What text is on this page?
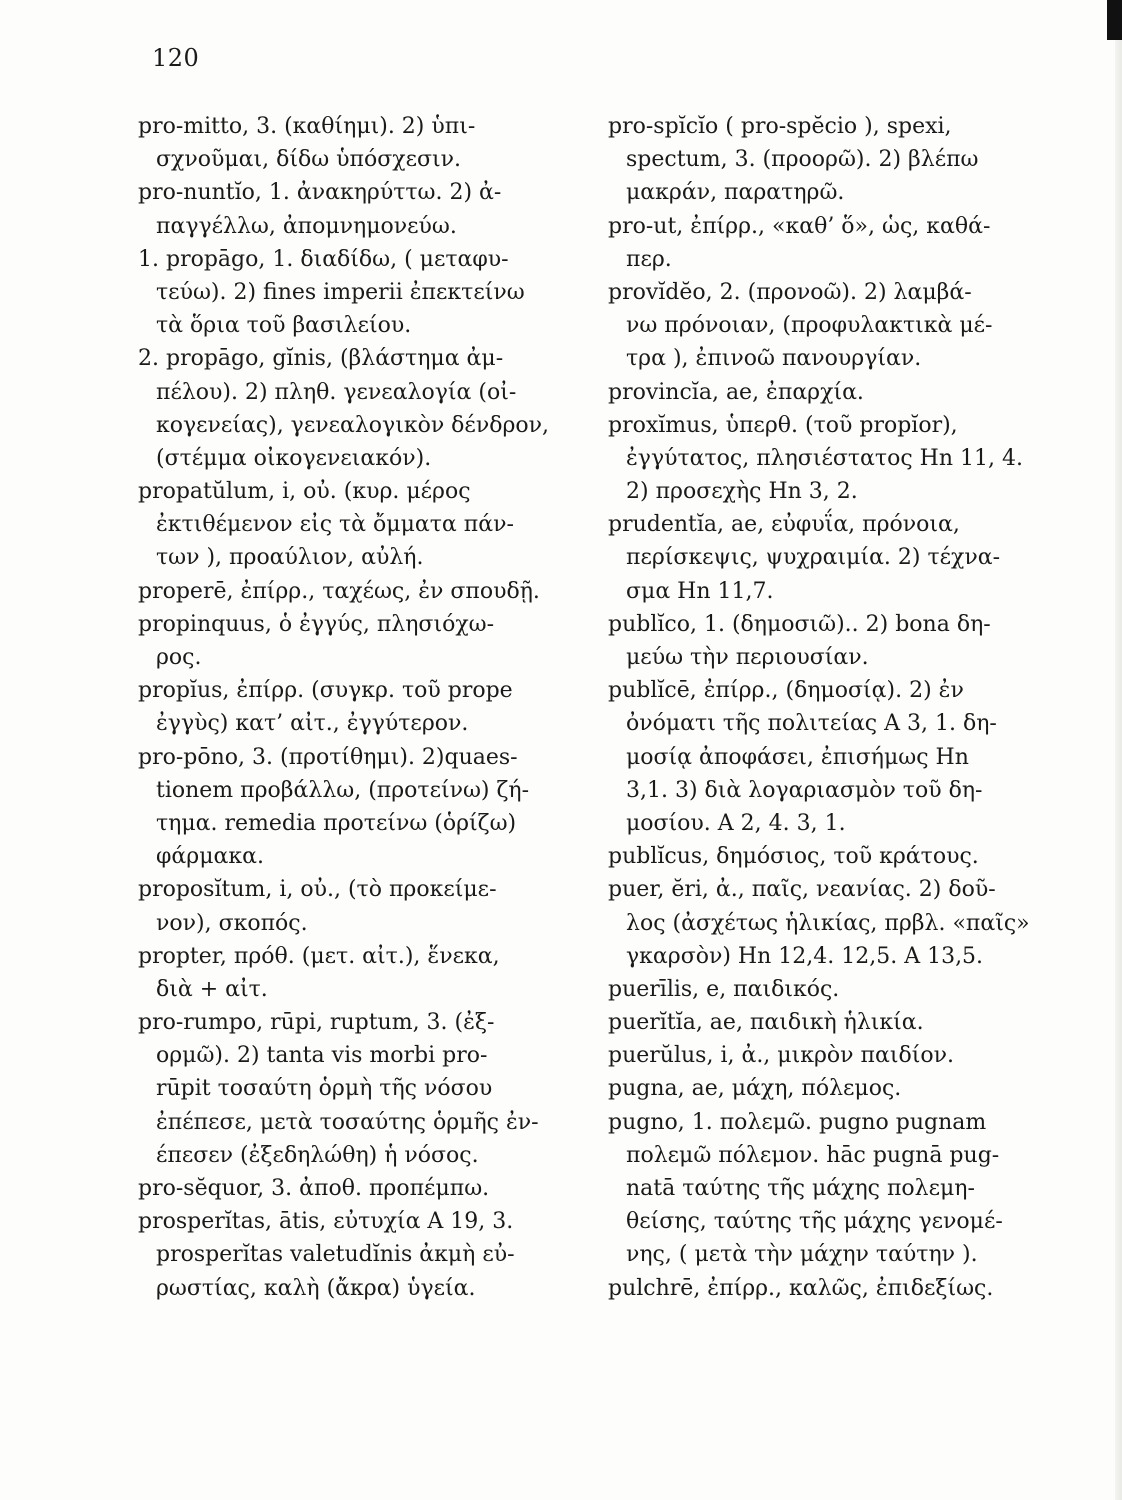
120
pro-mitto, 3. (καθίημι). 2) ὑπι-
σχνοῦμαι, δίδω ὑπόσχεσιν.
pro-nuntĭo, 1. ἀνακηρύττω. 2) ἀ-
παγγέλλω, ἀπομνημονεύω.
1. propāgo, 1. διαδίδω, ( μεταφυ-
τεύω). 2) fines imperii ἐπεκτείνω
τὰ ὅρια τοῦ βασιλείου.
2. propāgo, gĭnis, (βλάστημα ἀμ-
πέλου). 2) πληθ. γενεαλογία (οἰ-
κογενείας), γενεαλογικὸν δένδρον,
(στέμμα οἰκογενειακόν).
propatŭlum, i, οὐ. (κυρ. μέρος
ἐκτιθέμενον εἰς τὰ ὄμματα πάν-
των ), προαύλιον, αὐλή.
properē, ἐπίρρ., ταχέως, ἐν σπουδῇ.
propinquus, ὁ ἐγγύς, πλησιόχω-
ρος.
propĭus, ἐπίρρ. (συγκρ. τοῦ prope
ἐγγὺς) κατ’ αἰτ., ἐγγύτερον.
pro-pōno, 3. (προτίθημι). 2)quaes-
tionem προβάλλω, (προτείνω) ζή-
τημα. remedia προτείνω (ὁρίζω)
φάρμακα.
proposĭtum, i, οὐ., (τὸ προκείμε-
νον), σκοπός.
propter, πρόθ. (μετ. αἰτ.), ἕνεκα,
διὰ + αἰτ.
pro-rumpo, rūpi, ruptum, 3. (ἐξ-
ορμῶ). 2) tanta vis morbi pro-
rūpit τοσαύτη ὁρμὴ τῆς νόσου
ἐπέπεσε, μετὰ τοσαύτης ὁρμῆς ἐν-
έπεσεν (ἐξεδηλώθη) ἡ νόσος.
pro-sĕquor, 3. ἀποθ. προπέμπω.
prosperĭtas, ātis, εὐτυχία Α 19, 3.
prosperĭtas valetudĭnis ἀκμὴ εὐ-
ρωστίας, καλὴ (ἄκρα) ὑγεία.
pro-spĭcĭo ( pro-spĕcio ), spexi,
spectum, 3. (προορῶ). 2) βλέπω
μακράν, παρατηρῶ.
pro-ut, ἐπίρρ., «καθ’ ὅ», ὡς, καθά-
περ.
provĭdĕo, 2. (προνοῶ). 2) λαμβά-
νω πρόνοιαν, (προφυλακτικὰ μέ-
τρα ), ἐπινοῶ πανουργίαν.
provincĭa, ae, ἐπαρχία.
proxĭmus, ὑπερθ. (τοῦ propĭor),
ἐγγύτατος, πλησιέστατος Ηn 11, 4.
2) προσεχὴς Ηn 3, 2.
prudentĭa, ae, εὐφυΐα, πρόνοια,
περίσκεψις, ψυχραιμία. 2) τέχνα-
σμα Ηn 11,7.
publĭco, 1. (δημοσιῶ).. 2) bona δη-
μεύω τὴν περιουσίαν.
publĭcē, ἐπίρρ., (δημοσίᾳ). 2) ἐν
ὀνόματι τῆς πολιτείας Α 3, 1. δη-
μοσίᾳ ἀποφάσει, ἐπισήμως Ηn
3,1. 3) διὰ λογαριασμὸν τοῦ δη-
μοσίου. Α 2, 4. 3, 1.
publĭcus, δημόσιος, τοῦ κράτους.
puer, ĕri, ἀ., παῖς, νεανίας. 2) δοῦ-
λος (ἀσχέτως ἡλικίας, πρβλ. «παῖς»
γκαρσὸν) Ηn 12,4. 12,5. Α 13,5.
puerīlis, e, παιδικός.
puerĭtĭa, ae, παιδικὴ ἡλικία.
puerŭlus, i, ἀ., μικρὸν παιδίον.
pugna, ae, μάχη, πόλεμος.
pugno, 1. πολεμῶ. pugno pugnam
πολεμῶ πόλεμον. hāc pugnā pug-
natā ταύτης τῆς μάχης πολεμη-
θείσης, ταύτης τῆς μάχης γενομέ-
νης, ( μετὰ τὴν μάχην ταύτην ).
pulchrē, ἐπίρρ., καλῶς, ἐπιδεξίως.
